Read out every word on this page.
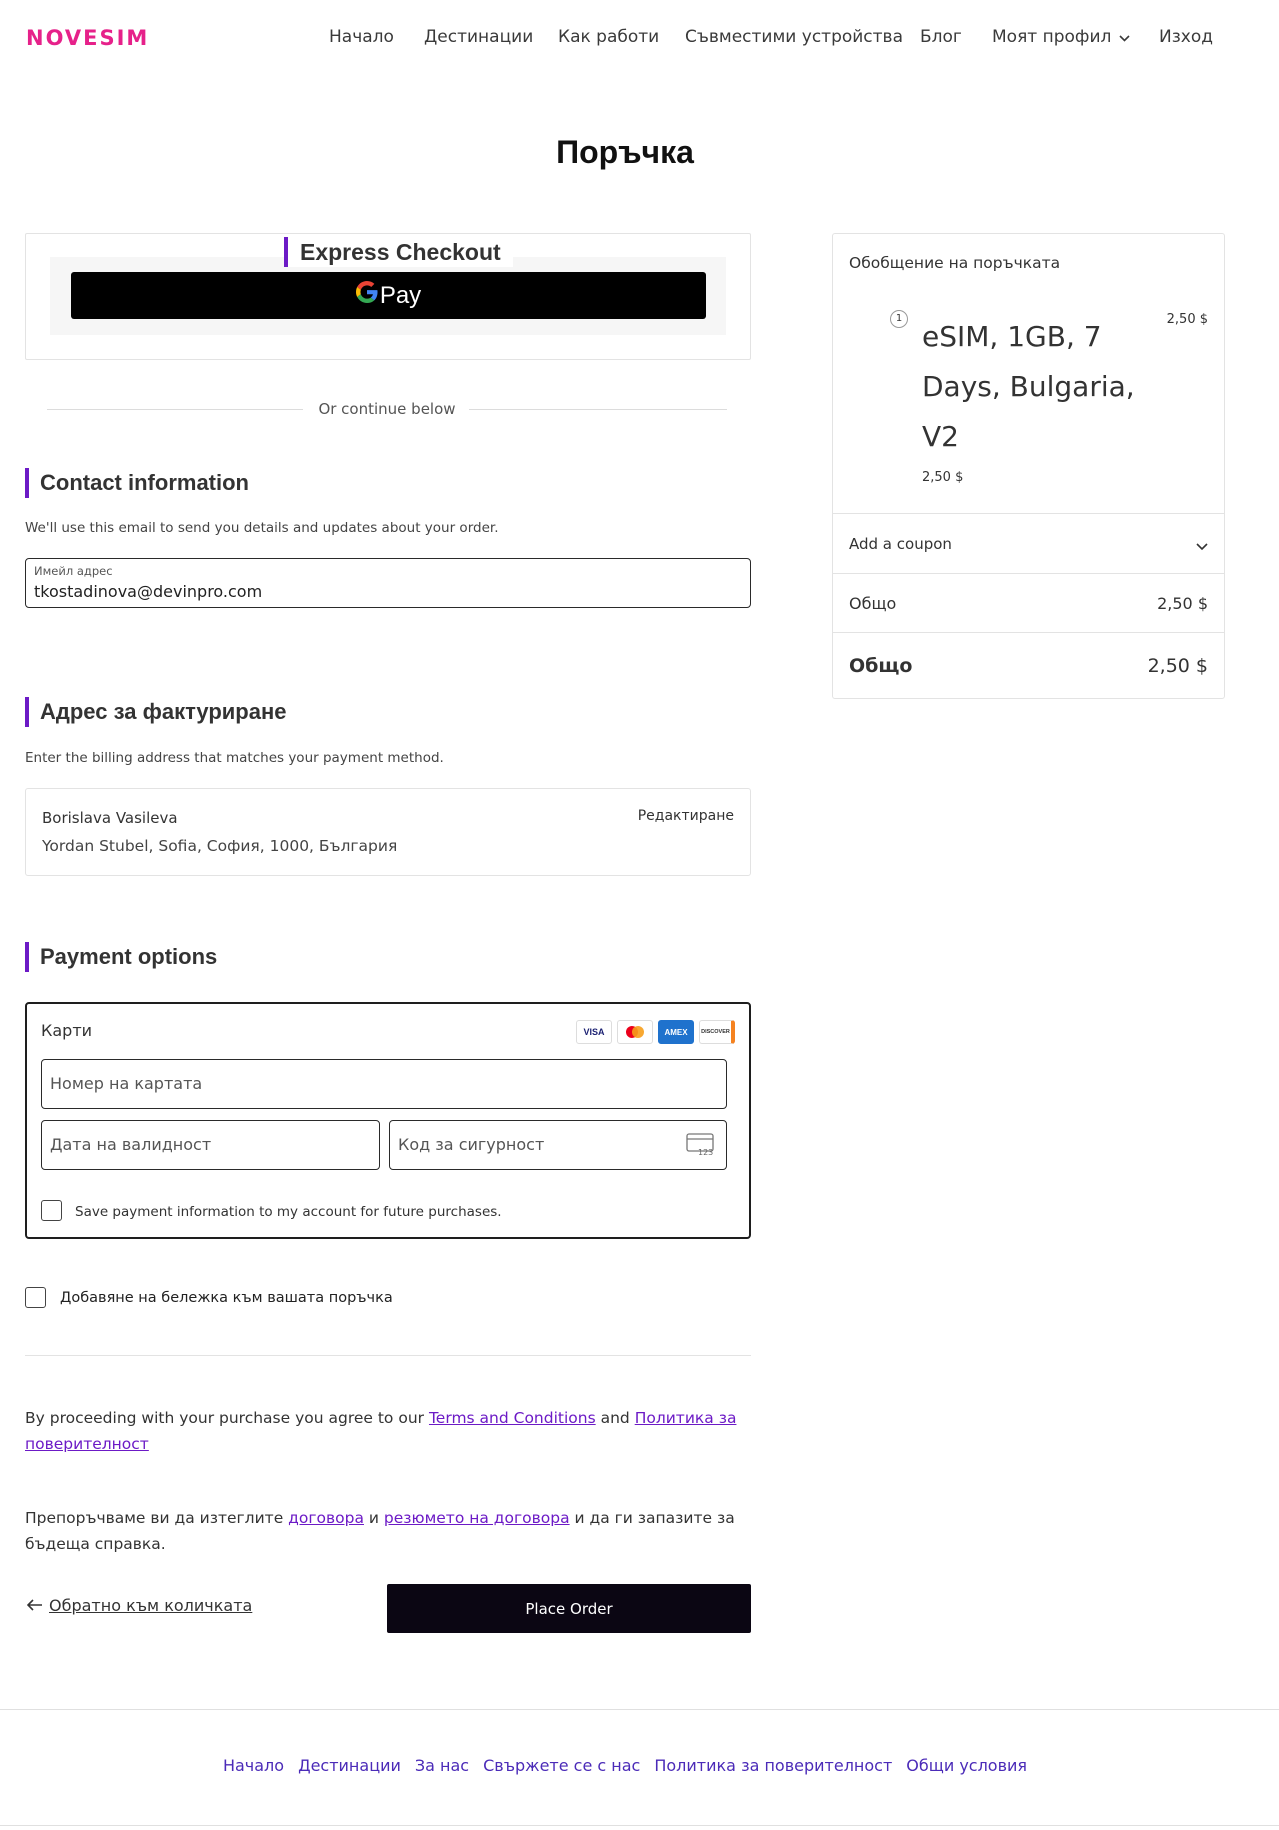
NOVESIM	Начало Дестинации Как работи Съвместими устройства Блог Моят профил	Изход
Поръчка
Express Checkout
Pay
Or continue below
Contact information
We'll use this email to send you details and updates about your order.
Имейл адрес
tkostadinova@devinpro.com
Адрес за фактуриране
Enter the billing address that matches your payment method.
Borislava Vasileva
Yordan Stubel, Sofia, София, 1000, България
Редактиране
Payment options
Карти	VISA	AMEX	DISCOVER
Номер на картата
Дата на валидност	Код за сигурност	123
Save payment information to my account for future purchases.
Добавяне на бележка към вашата поръчка

By proceeding with your purchase you agree to our Terms and Conditions and Политика за поверителност

Препоръчваме ви да изтеглите договора и резюмето на договора и да ги запазите за бъдеща справка.

Обратно към количката	Place Order
Обобщение на поръчката
1
eSIM, 1GB, 7 Days, Bulgaria, V2
2,50 $
2,50 $
Add a coupon
Общо	2,50 $
Общо	2,50 $
Начало Дестинации За нас Свържете се с нас Политика за поверителност Общи условия
